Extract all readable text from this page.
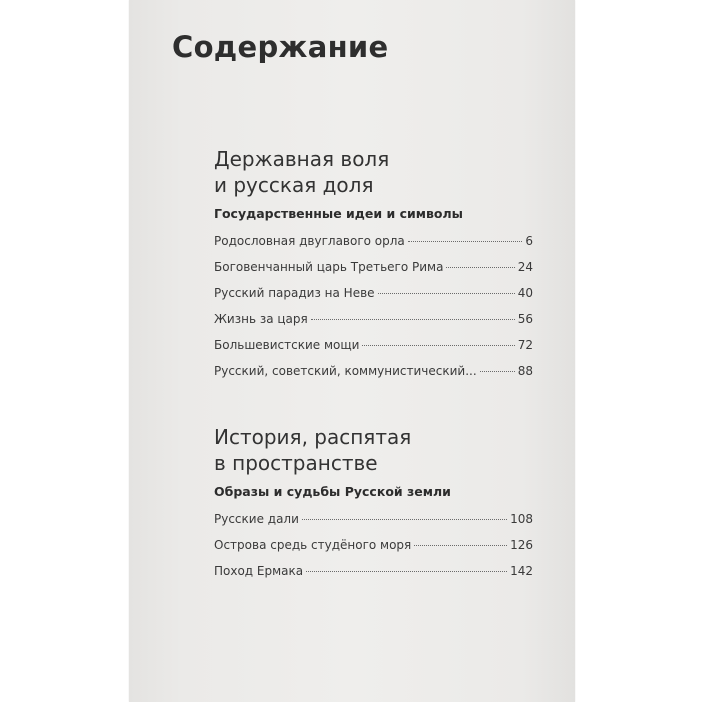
Содержание
Державная воля
и русская доля
Государственные идеи и символы
Родословная двуглавого орла	6
Боговенчанный царь Третьего Рима	24
Русский парадиз на Неве	40
Жизнь за царя	56
Большевистские мощи	72
Русский, советский, коммунистический...	88
История, распятая
в пространстве
Образы и судьбы Русской земли
Русские дали	108
Острова средь студёного моря	126
Поход Ермака	142
